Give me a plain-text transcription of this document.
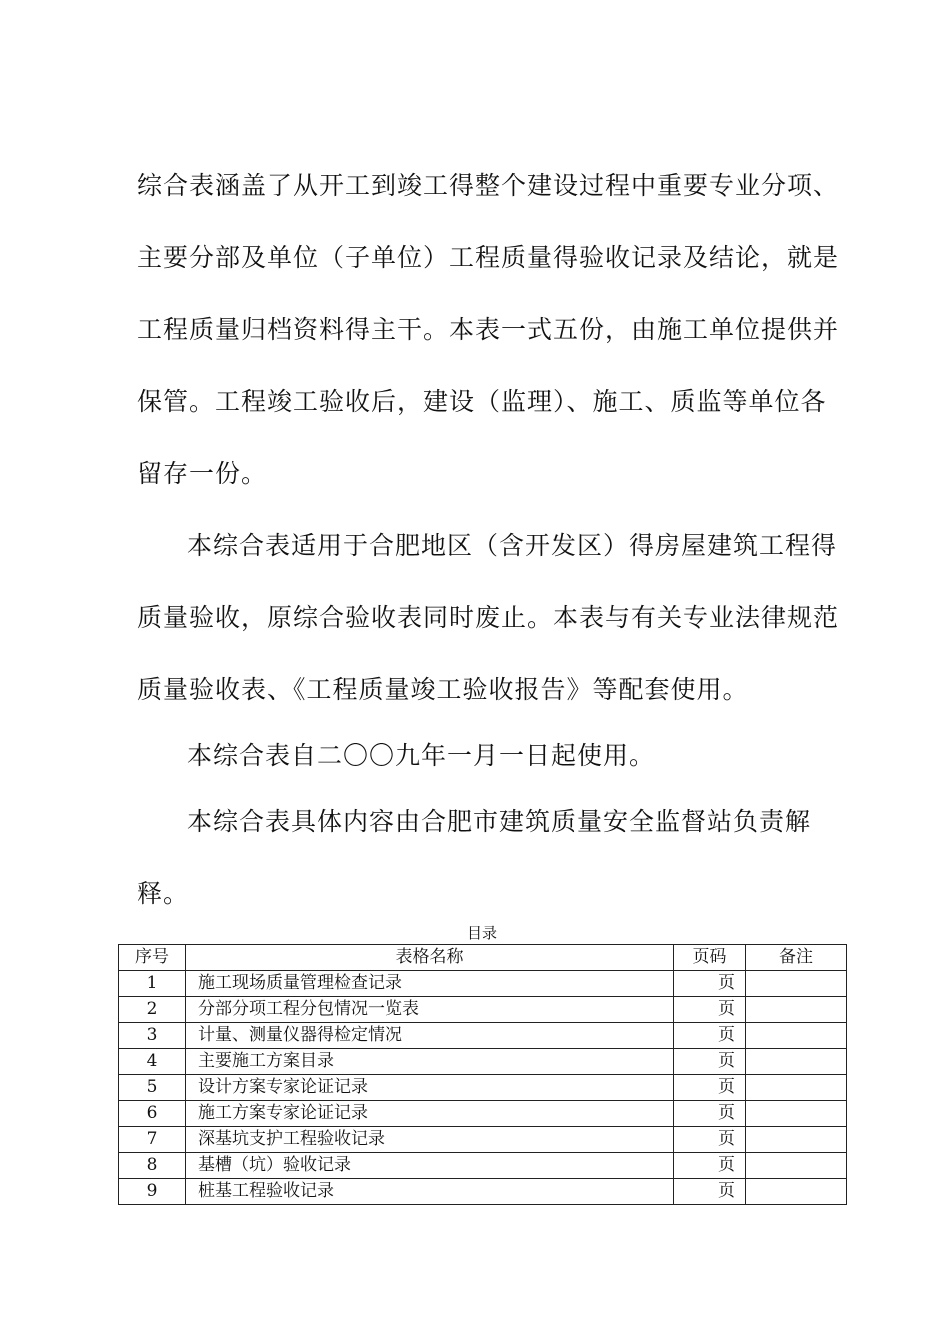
综合表涵盖了从开工到竣工得整个建设过程中重要专业分项、主要分部及单位（子单位）工程质量得验收记录及结论，就是工程质量归档资料得主干。本表一式五份，由施工单位提供并保管。工程竣工验收后，建设（监理）、施工、质监等单位各留存一份。

本综合表适用于合肥地区（含开发区）得房屋建筑工程得质量验收，原综合验收表同时废止。本表与有关专业法律规范质量验收表、《工程质量竣工验收报告》等配套使用。

本综合表自二〇〇九年一月一日起使用。

本综合表具体内容由合肥市建筑质量安全监督站负责解
释。

目录
序号	表格名称	页码	备注
1	施工现场质量管理检查记录	页	
2	分部分项工程分包情况一览表	页	
3	计量、测量仪器得检定情况	页	
4	主要施工方案目录	页	
5	设计方案专家论证记录	页	
6	施工方案专家论证记录	页	
7	深基坑支护工程验收记录	页	
8	基槽（坑）验收记录	页	
9	桩基工程验收记录	页	
